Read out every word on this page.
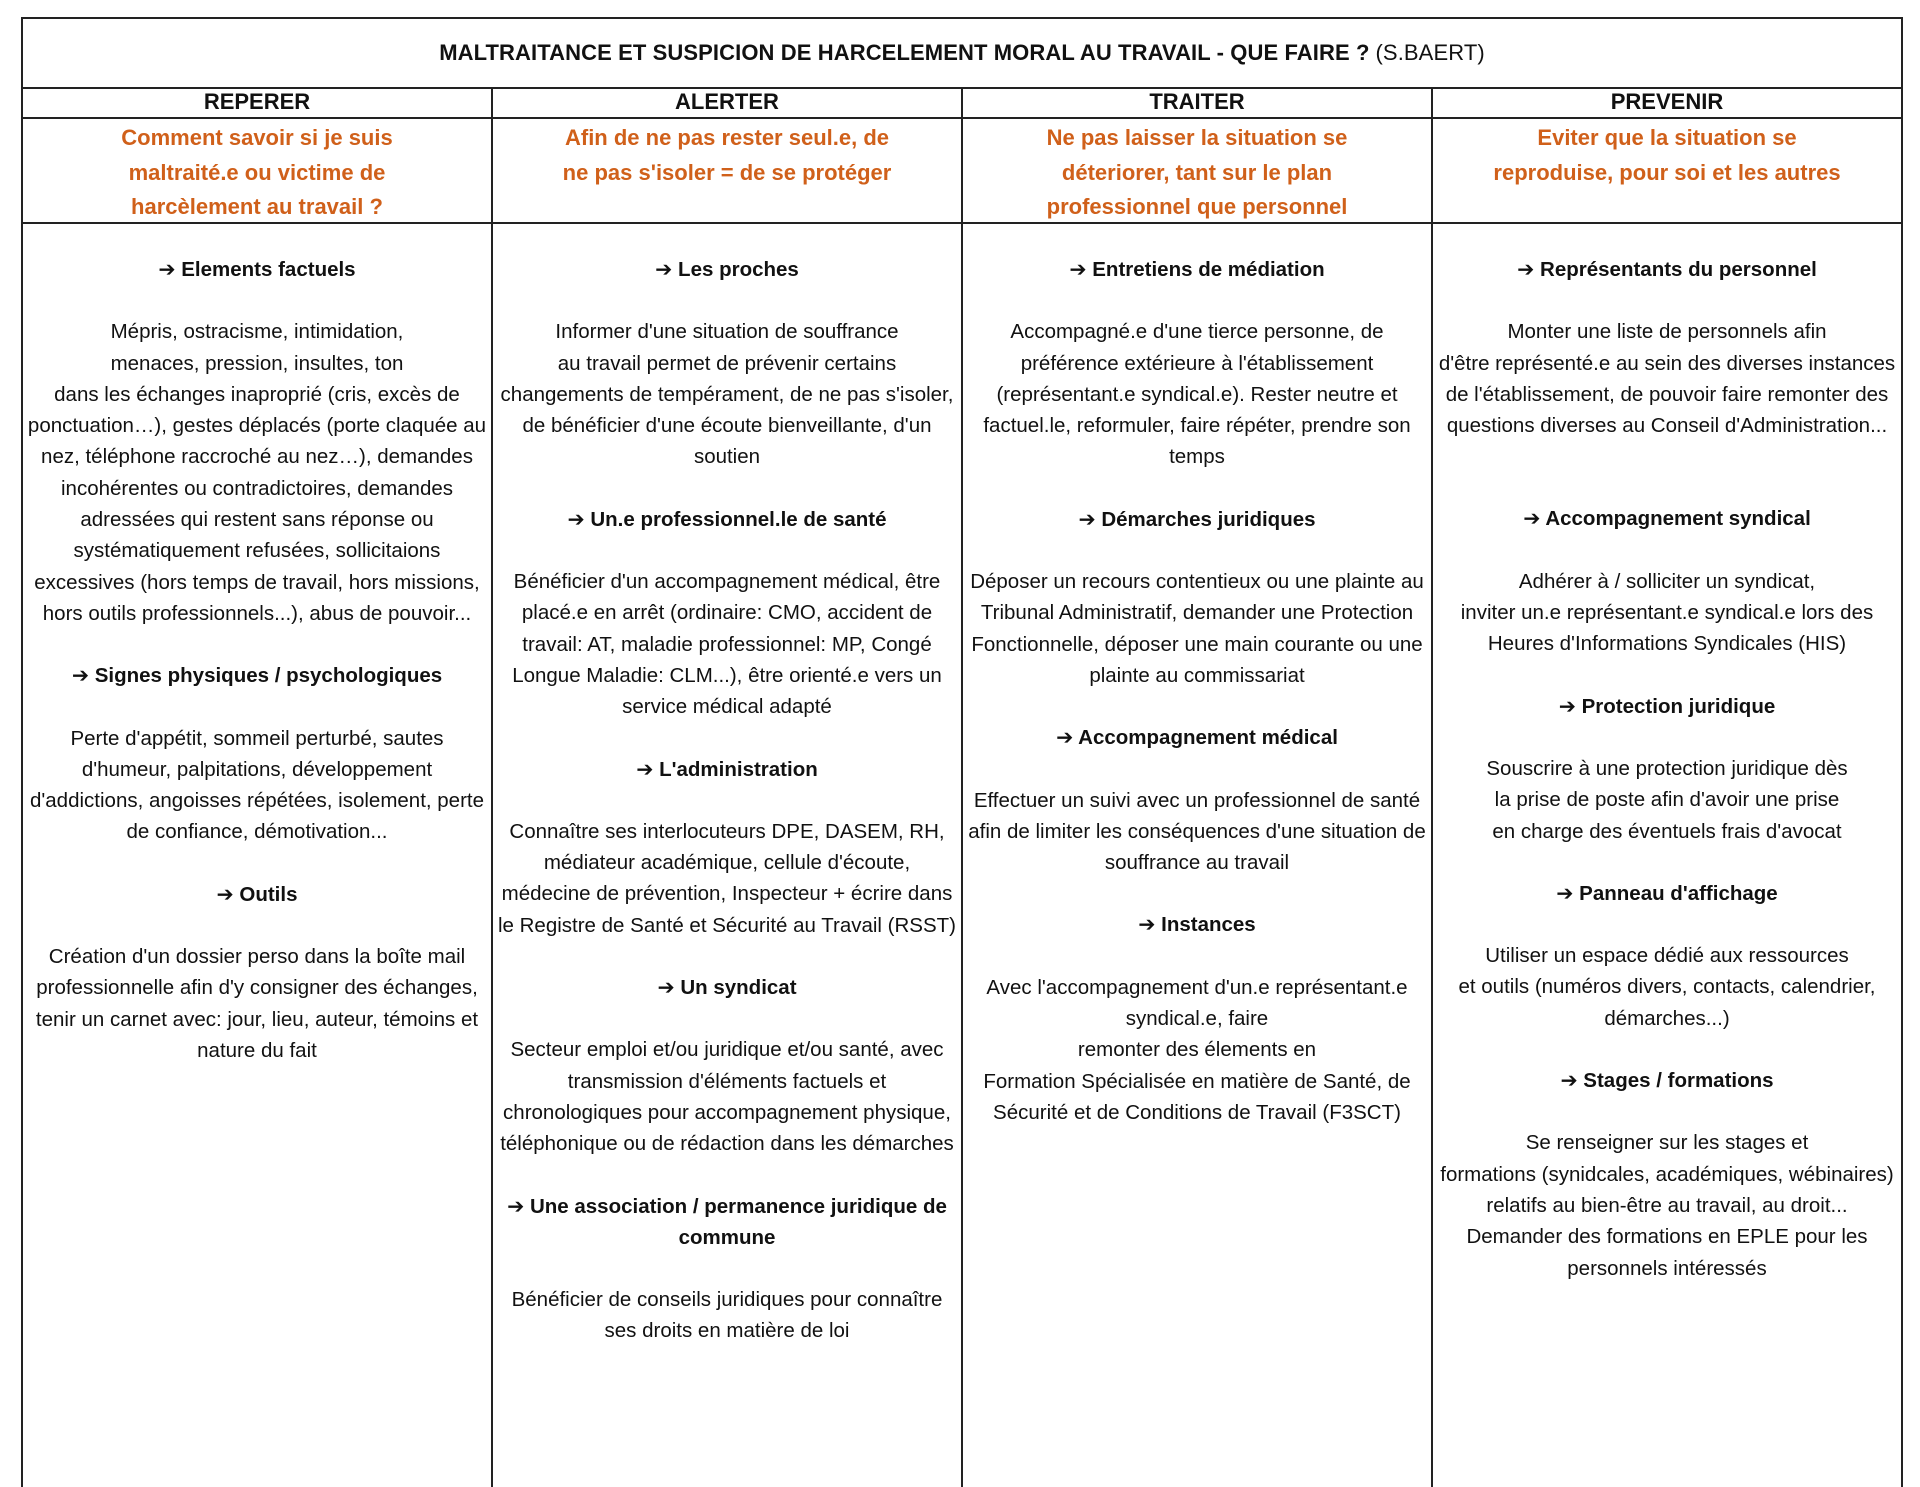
MALTRAITANCE ET SUSPICION DE HARCELEMENT MORAL AU TRAVAIL - QUE FAIRE ? (S.BAERT)
REPERER
Comment savoir si je suis maltraité.e ou victime de harcèlement au travail ?

➔ Elements factuels

Mépris, ostracisme, intimidation,
menaces, pression, insultes, ton
dans les échanges inaproprié (cris, excès de ponctuation…), gestes déplacés (porte claquée au nez, téléphone raccroché au nez…), demandes incohérentes ou contradictoires, demandes adressées qui restent sans réponse ou systématiquement refusées, sollicitaions excessives (hors temps de travail, hors missions, hors outils professionnels...), abus de pouvoir...

➔ Signes physiques / psychologiques

Perte d'appétit, sommeil perturbé, sautes d'humeur, palpitations, développement d'addictions, angoisses répétées, isolement, perte de confiance, démotivation...

➔ Outils

Création d'un dossier perso dans la boîte mail professionnelle afin d'y consigner des échanges, tenir un carnet avec: jour, lieu, auteur, témoins et nature du fait

ALERTER
Afin de ne pas rester seul.e, de ne pas s'isoler = de se protéger

➔ Les proches

Informer d'une situation de souffrance
au travail permet de prévenir certains changements de tempérament, de ne pas s'isoler, de bénéficier d'une écoute bienveillante, d'un soutien

➔ Un.e professionnel.le de santé

Bénéficier d'un accompagnement médical, être placé.e en arrêt (ordinaire: CMO, accident de travail: AT, maladie professionnel: MP, Congé Longue Maladie: CLM...), être orienté.e vers un service médical adapté

➔ L'administration

Connaître ses interlocuteurs DPE, DASEM, RH, médiateur académique, cellule d'écoute, médecine de prévention, Inspecteur + écrire dans le Registre de Santé et Sécurité au Travail (RSST)

➔ Un syndicat

Secteur emploi et/ou juridique et/ou santé, avec transmission d'éléments factuels et chronologiques pour accompagnement physique, téléphonique ou de rédaction dans les démarches

➔ Une association / permanence juridique de commune

Bénéficier de conseils juridiques pour connaître ses droits en matière de loi

TRAITER
Ne pas laisser la situation se déteriorer, tant sur le plan professionnel que personnel

➔ Entretiens de médiation

Accompagné.e d'une tierce personne, de préférence extérieure à l'établissement (représentant.e syndical.e). Rester neutre et factuel.le, reformuler, faire répéter, prendre son temps

➔ Démarches juridiques

Déposer un recours contentieux ou une plainte au Tribunal Administratif, demander une Protection Fonctionnelle, déposer une main courante ou une plainte au commissariat

➔ Accompagnement médical

Effectuer un suivi avec un professionnel de santé afin de limiter les conséquences d'une situation de souffrance au travail

➔ Instances

Avec l'accompagnement d'un.e représentant.e syndical.e, faire
remonter des élements en
Formation Spécialisée en matière de Santé, de Sécurité et de Conditions de Travail (F3SCT)

PREVENIR
Eviter que la situation se reproduise, pour soi et les autres

➔ Représentants du personnel

Monter une liste de personnels afin
d'être représenté.e au sein des diverses instances de l'établissement, de pouvoir faire remonter des questions diverses au Conseil d'Administration...

➔ Accompagnement syndical

Adhérer à / solliciter un syndicat,
inviter un.e représentant.e syndical.e lors des Heures d'Informations Syndicales (HIS)

➔ Protection juridique

Souscrire à une protection juridique dès
la prise de poste afin d'avoir une prise
en charge des éventuels frais d'avocat

➔ Panneau d'affichage

Utiliser un espace dédié aux ressources
et outils (numéros divers, contacts, calendrier, démarches...)

➔ Stages / formations

Se renseigner sur les stages et
formations (synidcales, académiques, wébinaires) relatifs au bien-être au travail, au droit... Demander des formations en EPLE pour les personnels intéressés
